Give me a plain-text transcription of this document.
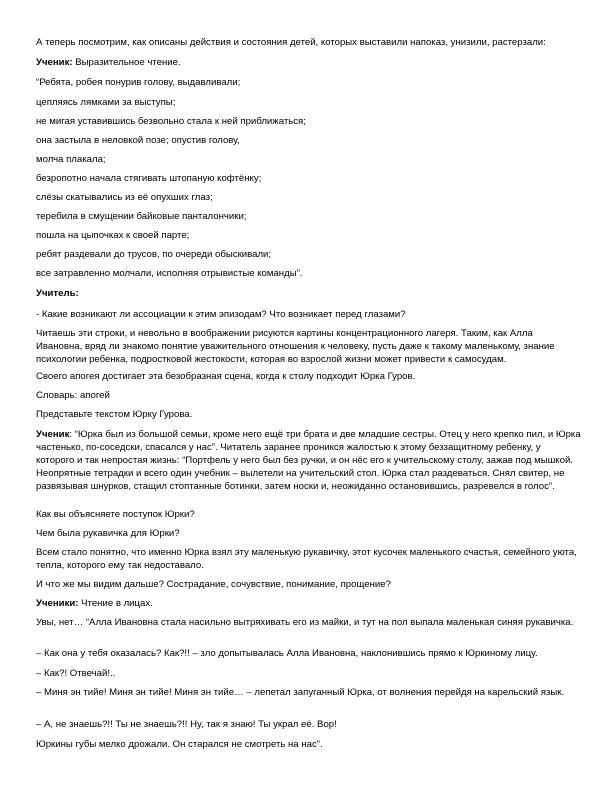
А теперь посмотрим, как описаны действия и состояния детей, которых выставили напоказ, унизили, растерзали:

Ученик: Выразительное чтение.

“Ребята, робея понурив голову, выдавливали;

цепляясь лямками за выступы;

не мигая уставившись безвольно стала к ней приближаться;

она застыла в неловкой позе; опустив голову,

молча плакала;

безропотно начала стягивать штопаную кофтёнку;

слёзы скатывались из её опухших глаз;

теребила в смущении байковые панталончики;

пошла на цыпочках к своей парте;

ребят раздевали до трусов, по очереди обыскивали;

все затравленно молчали, исполняя отрывистые команды”.

Учитель:

- Какие возникают ли ассоциации к этим эпизодам? Что возникает перед глазами?

Читаешь эти строки, и невольно в воображении рисуются картины концентрационного лагеря. Таким, как Алла Ивановна, вряд ли знакомо понятие уважительного отношения к человеку, пусть даже к такому маленькому, знание психологии ребенка, подростковой жестокости, которая во взрослой жизни может привести к самосудам.

Своего апогея достигает эта безобразная сцена, когда к столу подходит Юрка Гуров.

Словарь: апогей

Представьте текстом Юрку Гурова.

Ученик: “Юрка был из большой семьи, кроме него ещё три брата и две младшие сестры. Отец у него крепко пил, и Юрка частенько, по-соседски, спасался у нас”. Читатель заранее проникся жалостью к этому беззащитному ребенку, у которого и так непростая жизнь: “Портфель у него был без ручки, и он нёс его к учительскому столу, зажав под мышкой. Неопрятные тетрадки и всего один учебник – вылетели на учительский стол. Юрка стал раздеваться. Снял свитер, не развязывая шнурков, стащил стоптанные ботинки, затем носки и, неожиданно остановившись, разревелся в голос”.

Как вы объясняете поступок Юрки?

Чем была рукавичка для Юрки?

Всем стало понятно, что именно Юрка взял эту маленькую рукавичку, этот кусочек маленького счастья, семейного уюта, тепла, которого ему так недоставало.

И что же мы видим дальше? Сострадание, сочувствие, понимание, прощение?

Ученики: Чтение в лицах.

Увы, нет… “Алла Ивановна стала насильно вытряхивать его из майки, и тут на пол выпала маленькая синяя рукавичка.

– Как она у тебя оказалась? Как?!! – зло допытывалась Алла Ивановна, наклонившись прямо к Юркиному лицу.

– Как?! Отвечай!..

– Миня эн тийе! Миня эн тийе! Миня эн тийе… – лепетал запуганный Юрка, от волнения перейдя на карельский язык.

– А, не знаешь?!! Ты не знаешь?!! Ну, так я знаю! Ты украл её. Вор!

Юркины губы мелко дрожали. Он старался не смотреть на нас”.
